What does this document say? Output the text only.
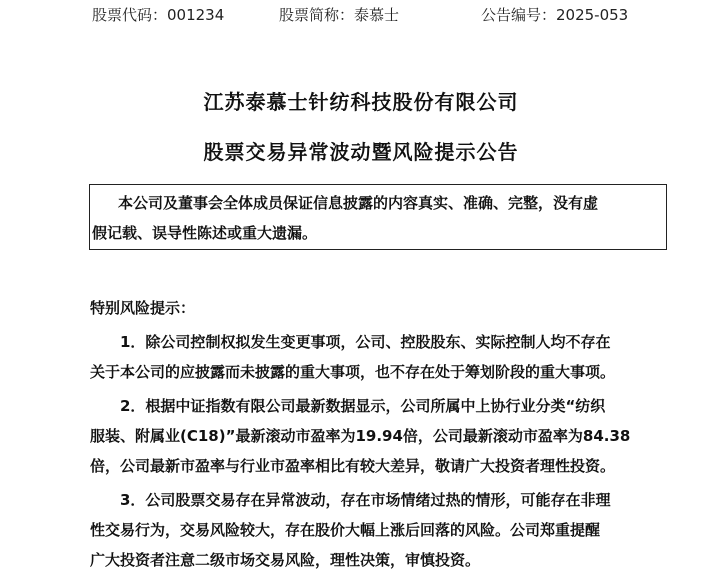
股票代码：001234	股票简称：泰慕士	公告编号：2025-053
江苏泰慕士针纺科技股份有限公司
股票交易异常波动暨风险提示公告
本公司及董事会全体成员保证信息披露的内容真实、准确、完整，没有虚
假记载、误导性陈述或重大遗漏。
特别风险提示：
1．除公司控制权拟发生变更事项，公司、控股股东、实际控制人均不存在
关于本公司的应披露而未披露的重大事项，也不存在处于筹划阶段的重大事项。
2．根据中证指数有限公司最新数据显示，公司所属中上协行业分类“纺织
服装、附属业(C18)”最新滚动市盈率为19.94倍，公司最新滚动市盈率为84.38
倍，公司最新市盈率与行业市盈率相比有较大差异，敬请广大投资者理性投资。
3．公司股票交易存在异常波动，存在市场情绪过热的情形，可能存在非理
性交易行为，交易风险较大，存在股价大幅上涨后回落的风险。公司郑重提醒
广大投资者注意二级市场交易风险，理性决策，审慎投资。
